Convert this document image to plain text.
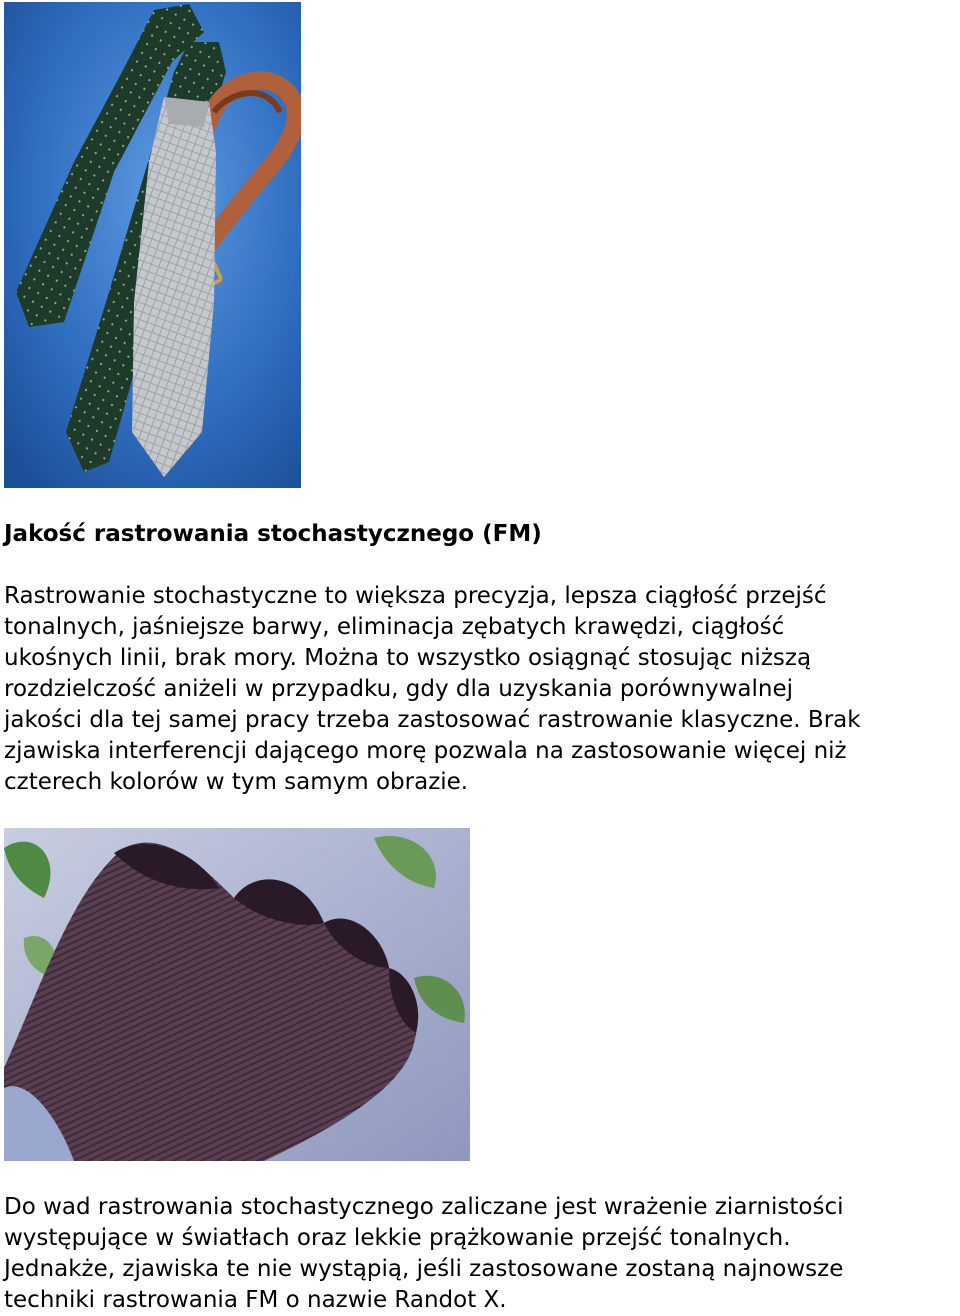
Jakość rastrowania stochastycznego (FM)
Rastrowanie stochastyczne to większa precyzja, lepsza ciągłość przejść
tonalnych, jaśniejsze barwy, eliminacja zębatych krawędzi, ciągłość
ukośnych linii, brak mory. Można to wszystko osiągnąć stosując niższą
rozdzielczość aniżeli w przypadku, gdy dla uzyskania porównywalnej
jakości dla tej samej pracy trzeba zastosować rastrowanie klasyczne. Brak
zjawiska interferencji dającego morę pozwala na zastosowanie więcej niż
czterech kolorów w tym samym obrazie.
Do wad rastrowania stochastycznego zaliczane jest wrażenie ziarnistości
występujące w światłach oraz lekkie prążkowanie przejść tonalnych.
Jednakże, zjawiska te nie wystąpią, jeśli zastosowane zostaną najnowsze
techniki rastrowania FM o nazwie Randot X.
